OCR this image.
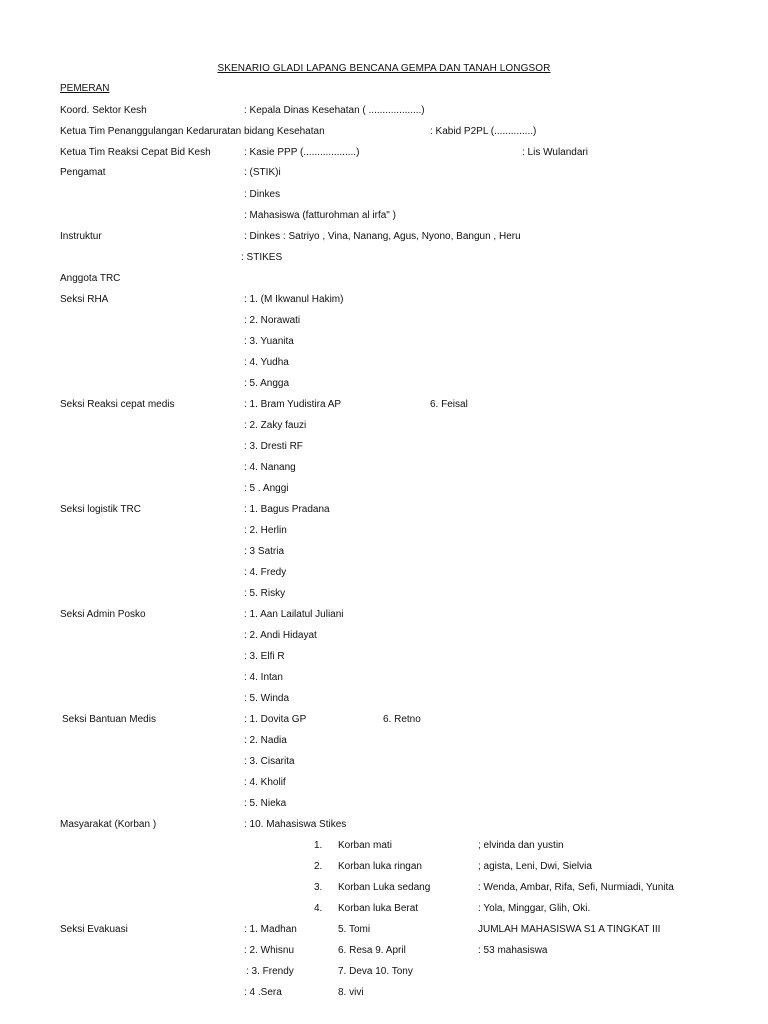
SKENARIO GLADI LAPANG BENCANA GEMPA DAN TANAH LONGSOR
PEMERAN
Koord. Sektor Kesh	: Kepala Dinas Kesehatan ( ...................)
Ketua Tim Penanggulangan Kedaruratan bidang Kesehatan	: Kabid P2PL (..............)
Ketua Tim Reaksi Cepat Bid Kesh	: Kasie PPP (...................)	: Lis Wulandari
Pengamat	: (STIK)i
: Dinkes
: Mahasiswa (fatturohman al irfa" )
Instruktur	: Dinkes : Satriyo , Vina, Nanang, Agus, Nyono, Bangun , Heru
: STIKES
Anggota TRC
Seksi RHA	: 1. (M Ikwanul Hakim)
: 2. Norawati
: 3. Yuanita
: 4. Yudha
: 5. Angga
Seksi Reaksi cepat medis	: 1. Bram Yudistira AP	6. Feisal
: 2. Zaky fauzi
: 3. Dresti RF
: 4. Nanang
: 5 . Anggi
Seksi logistik TRC	: 1. Bagus Pradana
: 2. Herlin
: 3 Satria
: 4. Fredy
: 5. Risky
Seksi Admin Posko	: 1. Aan Lailatul Juliani
: 2. Andi Hidayat
: 3. Elfi R
: 4. Intan
: 5. Winda
Seksi Bantuan Medis	: 1. Dovita GP	6. Retno
: 2. Nadia
: 3. Cisarita
: 4. Kholif
: 5. Nieka
Masyarakat (Korban )	: 10. Mahasiswa Stikes
1. Korban mati	; elvinda dan yustin
2. Korban luka ringan	; agista, Leni, Dwi, Sielvia
3. Korban Luka sedang	: Wenda, Ambar, Rifa, Sefi, Nurmiadi, Yunita
4. Korban luka Berat	: Yola, Minggar, Glih, Oki.
Seksi Evakuasi	: 1. Madhan	5. Tomi	JUMLAH MAHASISWA S1 A TINGKAT III
: 2. Whisnu	6. Resa 9. April	: 53 mahasiswa
: 3. Frendy	7. Deva 10. Tony
: 4 .Sera	8. vivi
